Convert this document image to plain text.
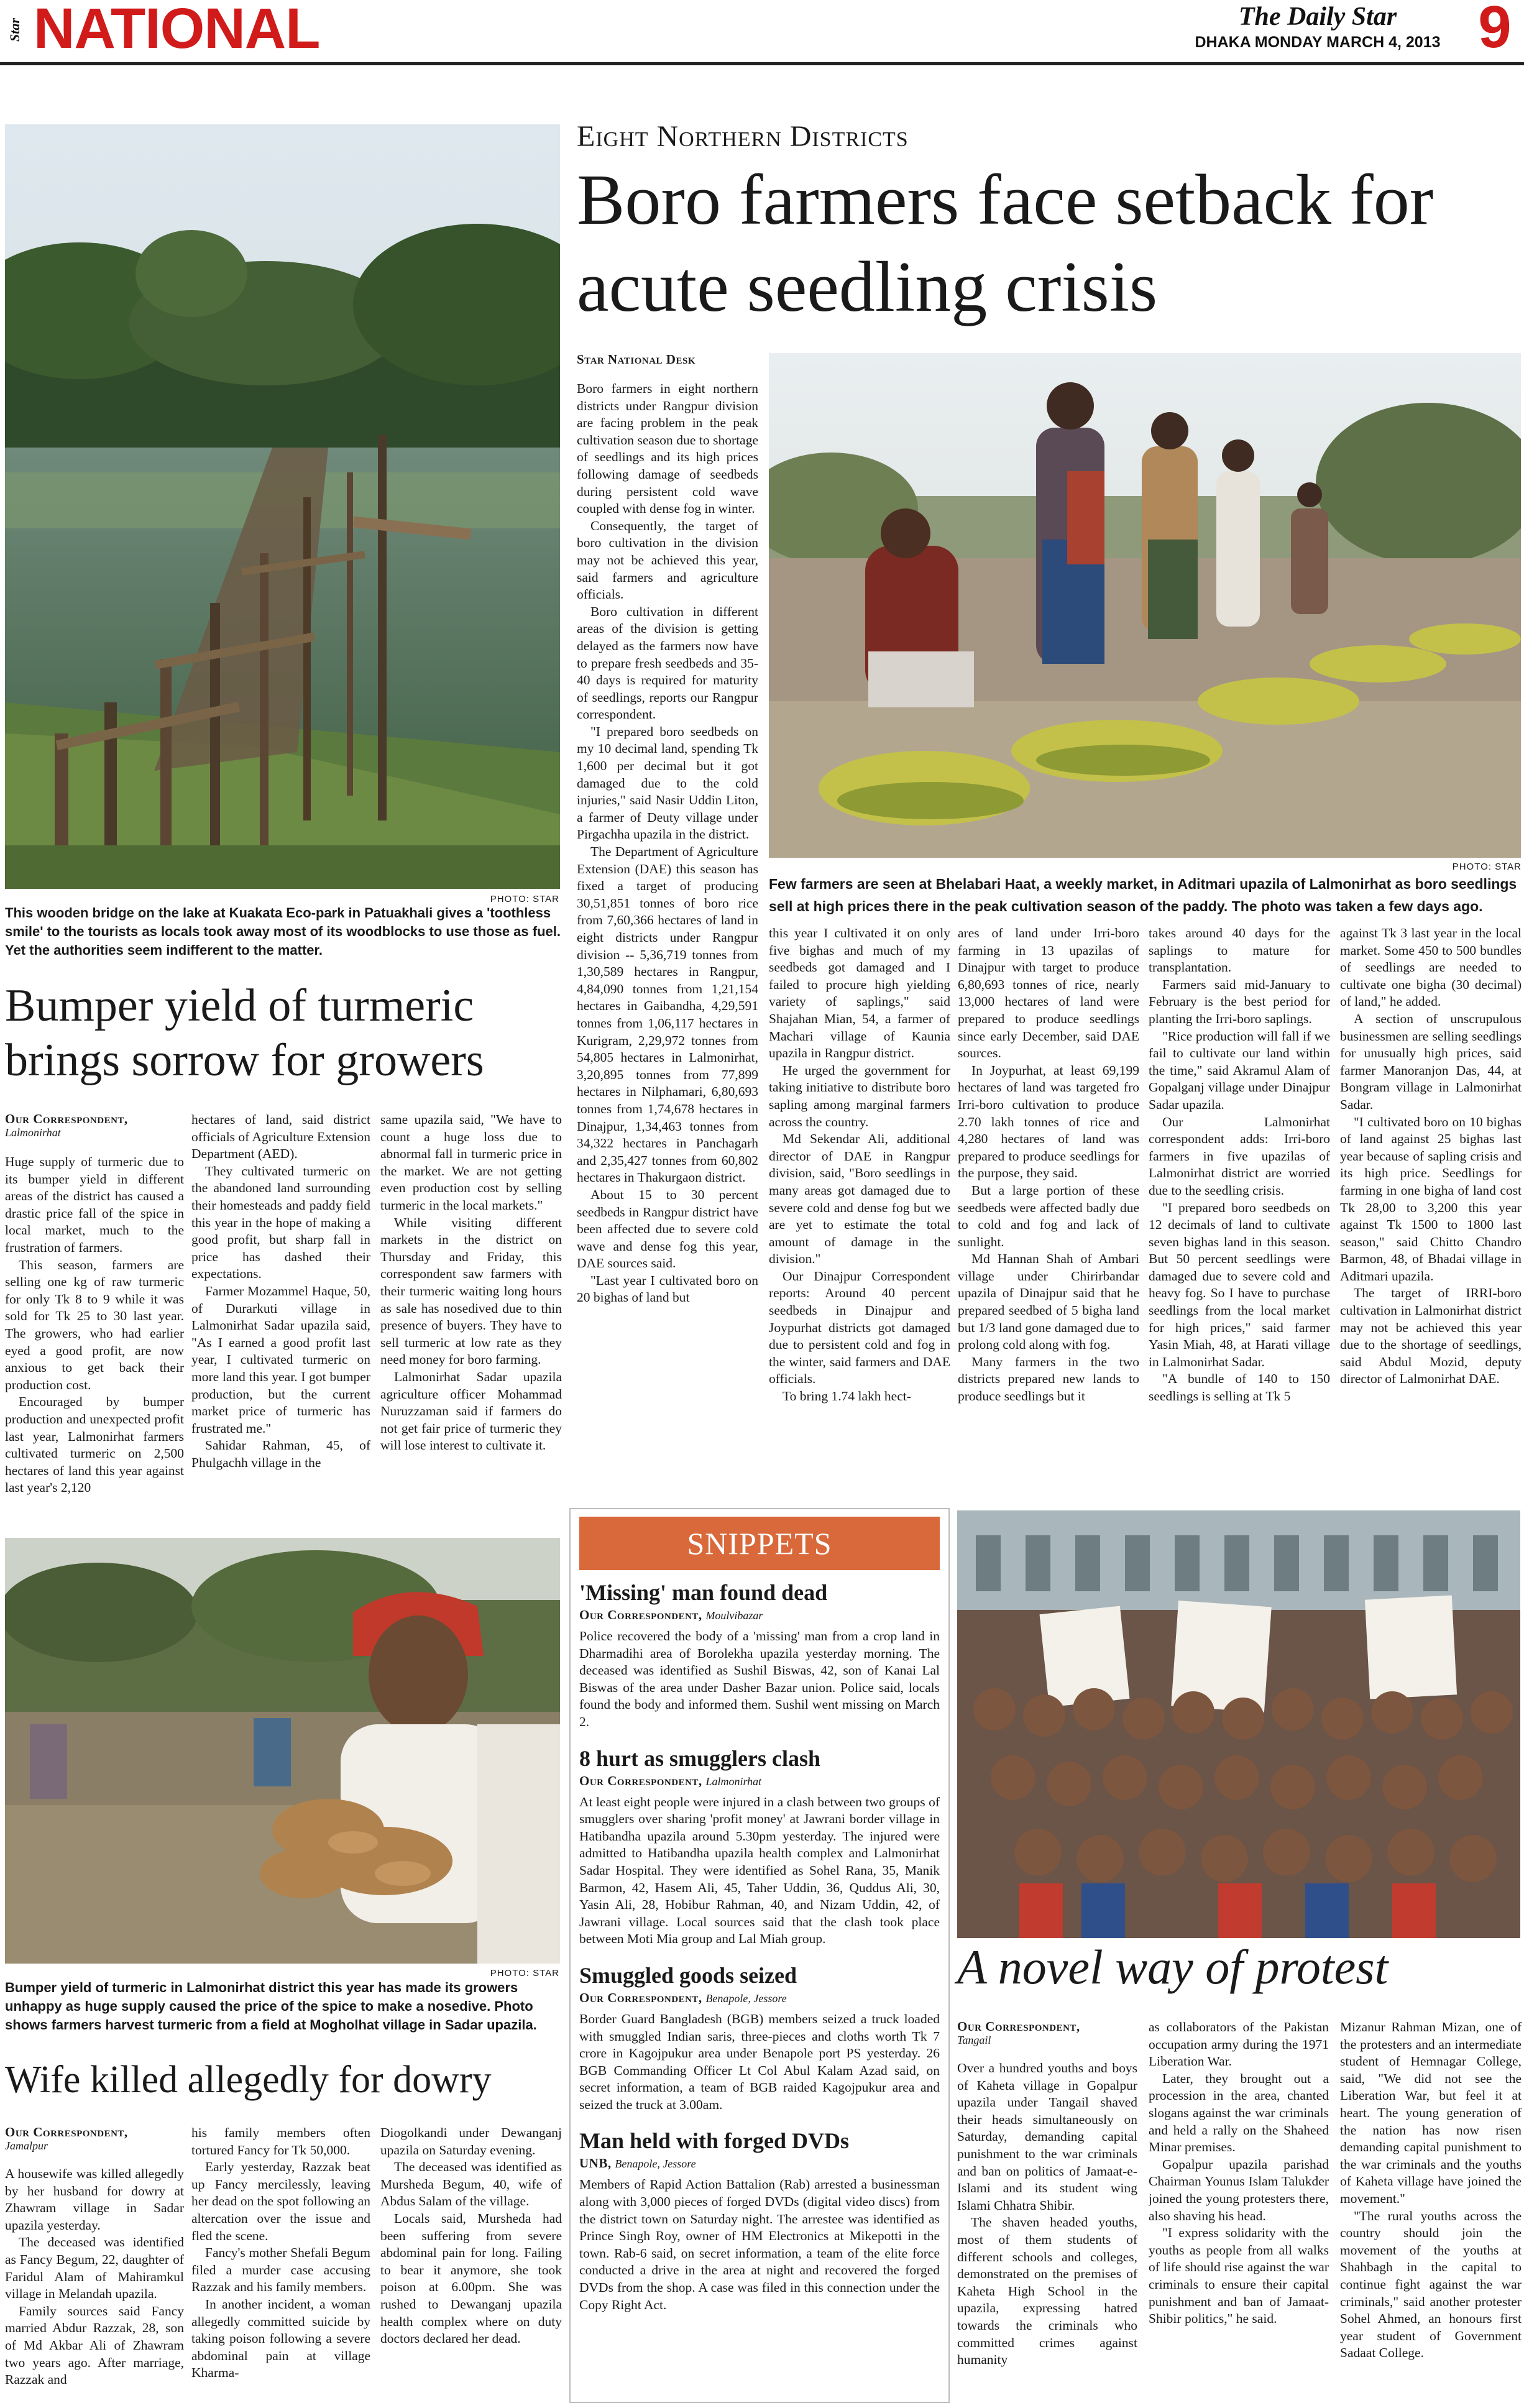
Star NATIONAL	The Daily Star
DHAKA MONDAY MARCH 4, 2013 9
PHOTO: STAR
This wooden bridge on the lake at Kuakata Eco-park in Patuakhali gives a 'toothless smile' to the tourists as locals took away most of its woodblocks to use those as fuel. Yet the authorities seem indifferent to the matter.
Eight Northern Districts
Boro farmers face setback for acute seedling crisis
Star National Desk
PHOTO: STAR
Few farmers are seen at Bhelabari Haat, a weekly market, in Aditmari upazila of Lalmonirhat as boro seedlings sell at high prices there in the peak cultivation season of the paddy. The photo was taken a few days ago.

Boro farmers in eight northern districts under Rangpur division are facing problem in the peak cultivation season due to shortage of seedlings and its high prices following damage of seedbeds during persistent cold wave coupled with dense fog in winter.

Consequently, the target of boro cultivation in the division may not be achieved this year, said farmers and agriculture officials.

Boro cultivation in different areas of the division is getting delayed as the farmers now have to prepare fresh seedbeds and 35-40 days is required for maturity of seedlings, reports our Rangpur correspondent.

"I prepared boro seedbeds on my 10 decimal land, spending Tk 1,600 per decimal but it got damaged due to the cold injuries," said Nasir Uddin Liton, a farmer of Deuty village under Pirgachha upazila in the district.

The Department of Agriculture Extension (DAE) this season has fixed a target of producing 30,51,851 tonnes of boro rice from 7,60,366 hectares of land in eight districts under Rangpur division -- 5,36,719 tonnes from 1,30,589 hectares in Rangpur, 4,84,090 tonnes from 1,21,154 hectares in Gaibandha, 4,29,591 tonnes from 1,06,117 hectares in Kurigram, 2,29,972 tonnes from 54,805 hectares in Lalmonirhat, 3,20,895 tonnes from 77,899 hectares in Nilphamari, 6,80,693 tonnes from 1,74,678 hectares in Dinajpur, 1,34,463 tonnes from 34,322 hectares in Panchagarh and 2,35,427 tonnes from 60,802 hectares in Thakurgaon district.

About 15 to 30 percent seedbeds in Rangpur district have been affected due to severe cold wave and dense fog this year, DAE sources said.

"Last year I cultivated boro on 20 bighas of land but

this year I cultivated it on only five bighas and much of my seedbeds got damaged and I failed to procure high yielding variety of saplings," said Shajahan Mian, 54, a farmer of Machari village of Kaunia upazila in Rangpur district.

He urged the government for taking initiative to distribute boro sapling among marginal farmers across the country.

Md Sekendar Ali, additional director of DAE in Rangpur division, said, "Boro seedlings in many areas got damaged due to severe cold and dense fog but we are yet to estimate the total amount of damage in the division."

Our Dinajpur Correspondent reports: Around 40 percent seedbeds in Dinajpur and Joypurhat districts got damaged due to persistent cold and fog in the winter, said farmers and DAE officials.

To bring 1.74 lakh hect-

ares of land under Irri-boro farming in 13 upazilas of Dinajpur with target to produce 6,80,693 tonnes of rice, nearly 13,000 hectares of land were prepared to produce seedlings since early December, said DAE sources.

In Joypurhat, at least 69,199 hectares of land was targeted fro Irri-boro cultivation to produce 2.70 lakh tonnes of rice and 4,280 hectares of land was prepared to produce seedlings for the purpose, they said.

But a large portion of these seedbeds were affected badly due to cold and fog and lack of sunlight.

Md Hannan Shah of Ambari village under Chirirbandar upazila of Dinajpur said that he prepared seedbed of 5 bigha land but 1/3 land gone damaged due to prolong cold along with fog.

Many farmers in the two districts prepared new lands to produce seedlings but it

takes around 40 days for the saplings to mature for transplantation.

Farmers said mid-January to February is the best period for planting the Irri-boro saplings.

"Rice production will fall if we fail to cultivate our land within the time," said Akramul Alam of Gopalganj village under Dinajpur Sadar upazila.

Our Lalmonirhat correspondent adds: Irri-boro farmers in five upazilas of Lalmonirhat district are worried due to the seedling crisis.

"I prepared boro seedbeds on 12 decimals of land to cultivate seven bighas land in this season. But 50 percent seedlings were damaged due to severe cold and heavy fog. So I have to purchase seedlings from the local market for high prices," said farmer Yasin Miah, 48, at Harati village in Lalmonirhat Sadar.

"A bundle of 140 to 150 seedlings is selling at Tk 5

against Tk 3 last year in the local market. Some 450 to 500 bundles of seedlings are needed to cultivate one bigha (30 decimal) of land," he added.

A section of unscrupulous businessmen are selling seedlings for unusually high prices, said farmer Manoranjon Das, 44, at Bongram village in Lalmonirhat Sadar.

"I cultivated boro on 10 bighas of land against 25 bighas last year because of sapling crisis and its high price. Seedlings for farming in one bigha of land cost Tk 28,00 to 3,200 this year against Tk 1500 to 1800 last season," said Chitto Chandro Barmon, 48, of Bhadai village in Aditmari upazila.

The target of IRRI-boro cultivation in Lalmonirhat district may not be achieved this year due to the shortage of seedlings, said Abdul Mozid, deputy director of Lalmonirhat DAE.

Bumper yield of turmeric brings sorrow for growers
Our Correspondent,
Lalmonirhat

Huge supply of turmeric due to its bumper yield in different areas of the district has caused a drastic price fall of the spice in local market, much to the frustration of farmers.

This season, farmers are selling one kg of raw turmeric for only Tk 8 to 9 while it was sold for Tk 25 to 30 last year. The growers, who had earlier eyed a good profit, are now anxious to get back their production cost.

Encouraged by bumper production and unexpected profit last year, Lalmonirhat farmers cultivated turmeric on 2,500 hectares of land this year against last year's 2,120

hectares of land, said district officials of Agriculture Extension Department (AED).

They cultivated turmeric on the abandoned land surrounding their homesteads and paddy field this year in the hope of making a good profit, but sharp fall in price has dashed their expectations.

Farmer Mozammel Haque, 50, of Durarkuti village in Lalmonirhat Sadar upazila said, "As I earned a good profit last year, I cultivated turmeric on more land this year. I got bumper production, but the current market price of turmeric has frustrated me."

Sahidar Rahman, 45, of Phulgachh village in the

same upazila said, "We have to count a huge loss due to abnormal fall in turmeric price in the market. We are not getting even production cost by selling turmeric in the local markets."

While visiting different markets in the district on Thursday and Friday, this correspondent saw farmers with their turmeric waiting long hours as sale has nosedived due to thin presence of buyers. They have to sell turmeric at low rate as they need money for boro farming.

Lalmonirhat Sadar upazila agriculture officer Mohammad Nuruzzaman said if farmers do not get fair price of turmeric they will lose interest to cultivate it.

PHOTO: STAR
Bumper yield of turmeric in Lalmonirhat district this year has made its growers unhappy as huge supply caused the price of the spice to make a nosedive. Photo shows farmers harvest turmeric from a field at Mogholhat village in Sadar upazila.
Wife killed allegedly for dowry
Our Correspondent,
Jamalpur

A housewife was killed allegedly by her husband for dowry at Zhawram village in Sadar upazila yesterday.

The deceased was identified as Fancy Begum, 22, daughter of Faridul Alam of Mahiramkul village in Melandah upazila.

Family sources said Fancy married Abdur Razzak, 28, son of Md Akbar Ali of Zhawram two years ago. After marriage, Razzak and

his family members often tortured Fancy for Tk 50,000.

Early yesterday, Razzak beat up Fancy mercilessly, leaving her dead on the spot following an altercation over the issue and fled the scene.

Fancy's mother Shefali Begum filed a murder case accusing Razzak and his family members.

In another incident, a woman allegedly committed suicide by taking poison following a severe abdominal pain at village Kharma-

Diogolkandi under Dewanganj upazila on Saturday evening.

The deceased was identified as Mursheda Begum, 40, wife of Abdus Salam of the village.

Locals said, Mursheda had been suffering from severe abdominal pain for long. Failing to bear it anymore, she took poison at 6.00pm. She was rushed to Dewanganj upazila health complex where on duty doctors declared her dead.

SNIPPETS
'Missing' man found dead
Our Correspondent, Moulvibazar
Police recovered the body of a 'missing' man from a crop land in Dharmadihi area of Borolekha upazila yesterday morning. The deceased was identified as Sushil Biswas, 42, son of Kanai Lal Biswas of the area under Dasher Bazar union. Police said, locals found the body and informed them. Sushil went missing on March 2.
8 hurt as smugglers clash
Our Correspondent, Lalmonirhat
At least eight people were injured in a clash between two groups of smugglers over sharing 'profit money' at Jawrani border village in Hatibandha upazila around 5.30pm yesterday. The injured were admitted to Hatibandha upazila health complex and Lalmonirhat Sadar Hospital. They were identified as Sohel Rana, 35, Manik Barmon, 42, Hasem Ali, 45, Taher Uddin, 36, Quddus Ali, 30, Yasin Ali, 28, Hobibur Rahman, 40, and Nizam Uddin, 42, of Jawrani village. Local sources said that the clash took place between Moti Mia group and Lal Miah group.
Smuggled goods seized
Our Correspondent, Benapole, Jessore
Border Guard Bangladesh (BGB) members seized a truck loaded with smuggled Indian saris, three-pieces and cloths worth Tk 7 crore in Kagojpukur area under Benapole port PS yesterday. 26 BGB Commanding Officer Lt Col Abul Kalam Azad said, on secret information, a team of BGB raided Kagojpukur area and seized the truck at 3.00am.
Man held with forged DVDs
UNB, Benapole, Jessore
Members of Rapid Action Battalion (Rab) arrested a businessman along with 3,000 pieces of forged DVDs (digital video discs) from the district town on Saturday night. The arrestee was identified as Prince Singh Roy, owner of HM Electronics at Mikepotti in the town. Rab-6 said, on secret information, a team of the elite force conducted a drive in the area at night and recovered the forged DVDs from the shop. A case was filed in this connection under the Copy Right Act.
A novel way of protest
Our Correspondent,
Tangail

Over a hundred youths and boys of Kaheta village in Gopalpur upazila under Tangail shaved their heads simultaneously on Saturday, demanding capital punishment to the war criminals and ban on politics of Jamaat-e-Islami and its student wing Islami Chhatra Shibir.

The shaven headed youths, most of them students of different schools and colleges, demonstrated on the premises of Kaheta High School in the upazila, expressing hatred towards the criminals who committed crimes against humanity

as collaborators of the Pakistan occupation army during the 1971 Liberation War.

Later, they brought out a procession in the area, chanted slogans against the war criminals and held a rally on the Shaheed Minar premises.

Gopalpur upazila parishad Chairman Younus Islam Talukder joined the young protesters there, also shaving his head.

"I express solidarity with the youths as people from all walks of life should rise against the war criminals to ensure their capital punishment and ban of Jamaat-Shibir politics," he said.

Mizanur Rahman Mizan, one of the protesters and an intermediate student of Hemnagar College, said, "We did not see the Liberation War, but feel it at heart. The young generation of the nation has now risen demanding capital punishment to the war criminals and the youths of Kaheta village have joined the movement."

"The rural youths across the country should join the movement of the youths at Shahbagh in the capital to continue fight against the war criminals," said another protester Sohel Ahmed, an honours first year student of Government Sadaat College.
